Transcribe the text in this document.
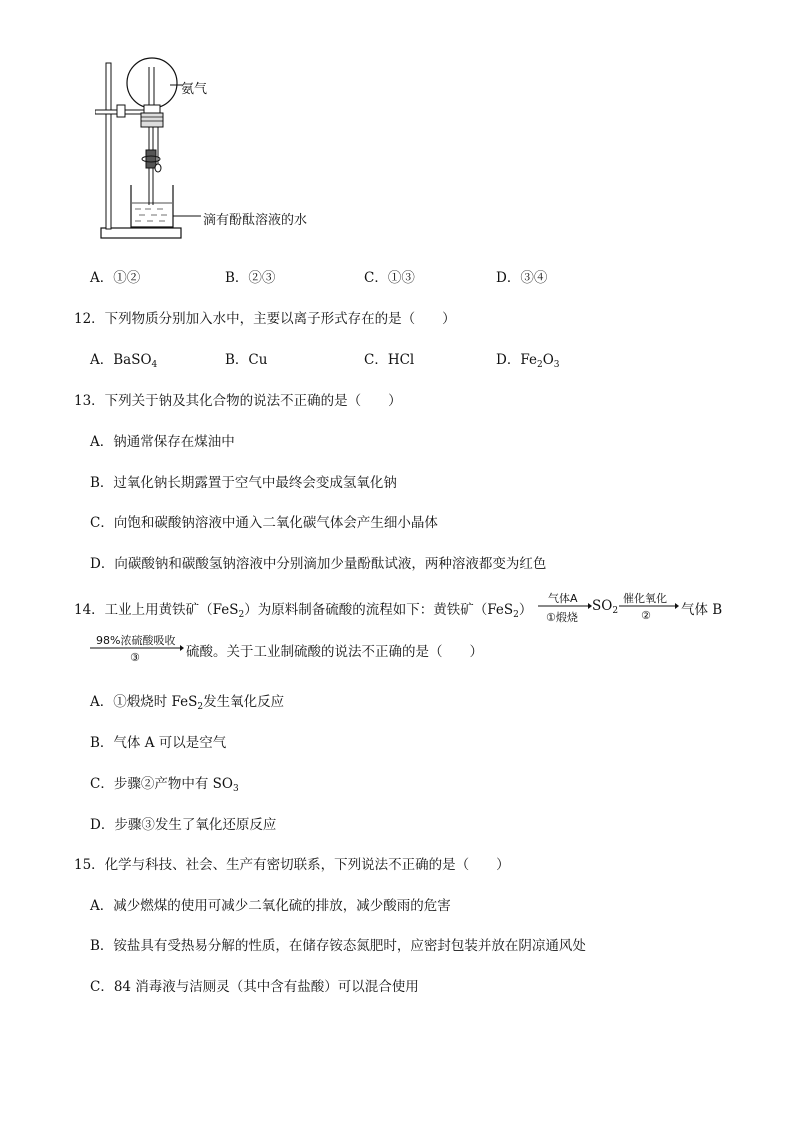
氨气
滴有酚酞溶液的水
A．①②	B．②③	C．①③	D．③④
12．下列物质分别加入水中，主要以离子形式存在的是（　　）
A．BaSO$_4$	B．Cu	C．HCl	D．$Fe_2O_3$
13．下列关于钠及其化合物的说法不正确的是（　　）
A．钠通常保存在煤油中
B．过氧化钠长期露置于空气中最终会变成氢氧化钠
C．向饱和碳酸钠溶液中通入二氧化碳气体会产生细小晶体
D．向碳酸钠和碳酸氢钠溶液中分别滴加少量酚酞试液，两种溶液都变为红色
14．工业上用黄铁矿（FeS$_2$）为原料制备硫酸的流程如下：黄铁矿（FeS$_2$）
气体A
①煅烧
$SO_2$
催化氧化
② 气体 B
98%浓硫酸吸收
③	硫酸。关于工业制硫酸的说法不正确的是（　　）
A．①煅烧时 FeS$_2$发生氧化反应
B．气体 A 可以是空气
C．步骤②产物中有 $SO_3$
D．步骤③发生了氧化还原反应
15．化学与科技、社会、生产有密切联系，下列说法不正确的是（　　）
A．减少燃煤的使用可减少二氧化硫的排放，减少酸雨的危害
B．铵盐具有受热易分解的性质，在储存铵态氮肥时，应密封包装并放在阴凉通风处
C．84 消毒液与洁厕灵（其中含有盐酸）可以混合使用
